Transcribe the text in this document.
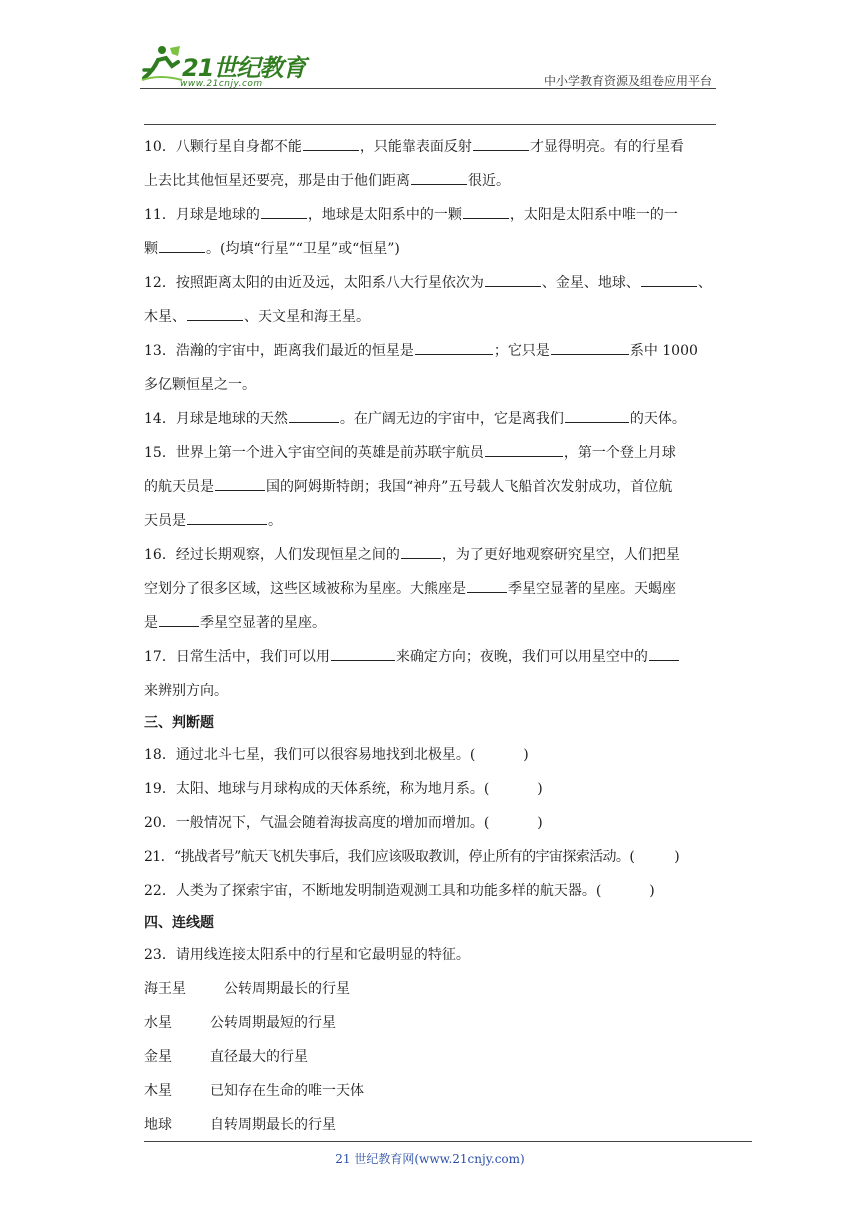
21世纪教育
www.21cnjy.com	中小学教育资源及组卷应用平台
10．八颗行星自身都不能	，只能靠表面反射	才显得明亮。有的行星看
上去比其他恒星还要亮，那是由于他们距离	很近。
11．月球是地球的	，地球是太阳系中的一颗	，太阳是太阳系中唯一的一
颗	。(均填“行星”“卫星”或“恒星”)
12．按照距离太阳的由近及远，太阳系八大行星依次为	、金星、地球、	、
木星、	、天文星和海王星。
13．浩瀚的宇宙中，距离我们最近的恒星是	；它只是	系中 1000
多亿颗恒星之一。
14．月球是地球的天然	。在广阔无边的宇宙中，它是离我们	的天体。
15．世界上第一个进入宇宙空间的英雄是前苏联宇航员	，第一个登上月球
的航天员是	国的阿姆斯特朗；我国“神舟”五号载人飞船首次发射成功，首位航
天员是	。
16．经过长期观察，人们发现恒星之间的	，为了更好地观察研究星空，人们把星
空划分了很多区域，这些区域被称为星座。大熊座是	季星空显著的星座。天蝎座
是	季星空显著的星座。
17．日常生活中，我们可以用	来确定方向；夜晚，我们可以用星空中的
来辨别方向。
三、判断题
18．通过北斗七星，我们可以很容易地找到北极星。(	)
19．太阳、地球与月球构成的天体系统，称为地月系。(	)
20．一般情况下，气温会随着海拔高度的增加而增加。(	)
21．“挑战者号”航天飞机失事后，我们应该吸取教训，停止所有的宇宙探索活动。(	)
22．人类为了探索宇宙，不断地发明制造观测工具和功能多样的航天器。(	)
四、连线题
23．请用线连接太阳系中的行星和它最明显的特征。
海王星	公转周期最长的行星
水星	公转周期最短的行星
金星	直径最大的行星
木星	已知存在生命的唯一天体
地球	自转周期最长的行星
21 世纪教育网(www.21cnjy.com)
